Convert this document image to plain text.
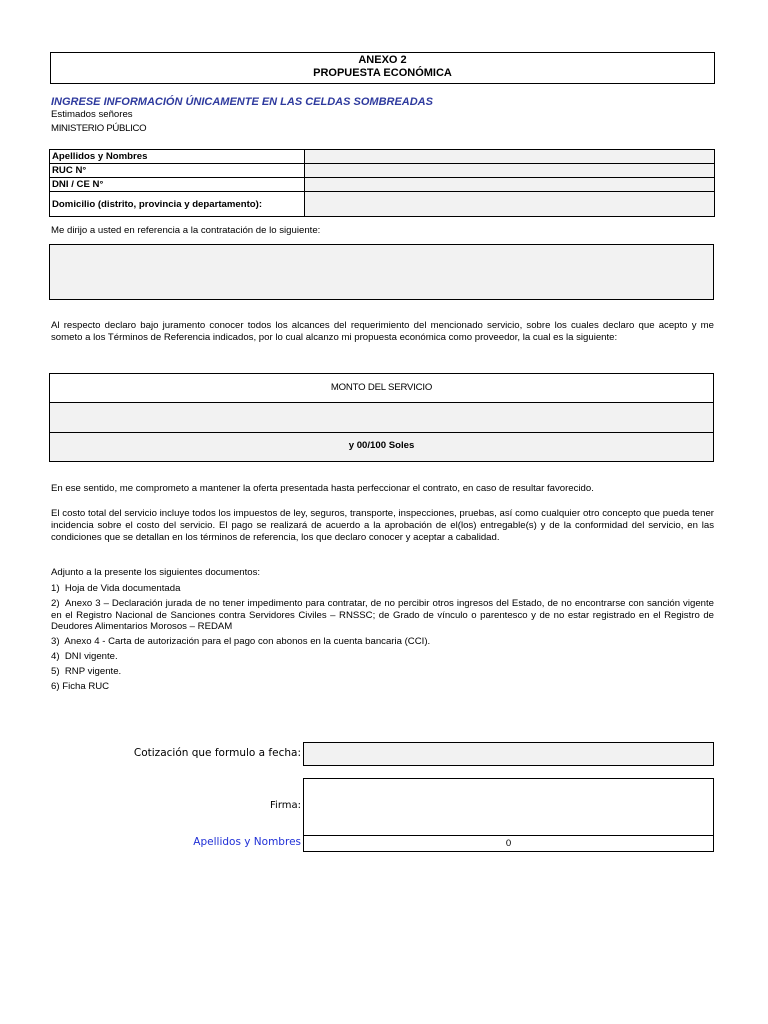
ANEXO 2
PROPUESTA ECONÓMICA
INGRESE INFORMACIÓN ÚNICAMENTE EN LAS CELDAS SOMBREADAS
Estimados señores
MINISTERIO PÚBLICO
Apellidos y Nombres	
RUC N°	
DNI / CE N°	
Domicilio (distrito, provincia y departamento):	
Me dirijo a usted en referencia a la contratación de lo siguiente:
Al respecto declaro bajo juramento conocer todos los alcances del requerimiento del mencionado servicio, sobre los cuales declaro que acepto y me someto a los Términos de Referencia indicados, por lo cual alcanzo mi propuesta económica como proveedor, la cual es la siguiente:
MONTO DEL SERVICIO
y 00/100 Soles
En ese sentido, me comprometo a mantener la oferta presentada hasta perfeccionar el contrato, en caso de resultar favorecido.
El costo total del servicio incluye todos los impuestos de ley, seguros, transporte, inspecciones, pruebas, así como cualquier otro concepto que pueda tener incidencia sobre el costo del servicio. El pago se realizará de acuerdo a la aprobación de el(los) entregable(s) y de la conformidad del servicio, en las condiciones que se detallan en los términos de referencia, los que declaro conocer y aceptar a cabalidad.
Adjunto a la presente los siguientes documentos:
1) Hoja de Vida documentada
2) Anexo 3 – Declaración jurada de no tener impedimento para contratar, de no percibir otros ingresos del Estado, de no encontrarse con sanción vigente en el Registro Nacional de Sanciones contra Servidores Civiles – RNSSC; de Grado de vínculo o parentesco y de no estar registrado en el Registro de Deudores Alimentarios Morosos – REDAM
3) Anexo 4 - Carta de autorización para el pago con abonos en la cuenta bancaria (CCI).
4) DNI vigente.
5) RNP vigente.
6) Ficha RUC
Cotización que formulo a fecha:
Firma:
Apellidos y Nombres	0
